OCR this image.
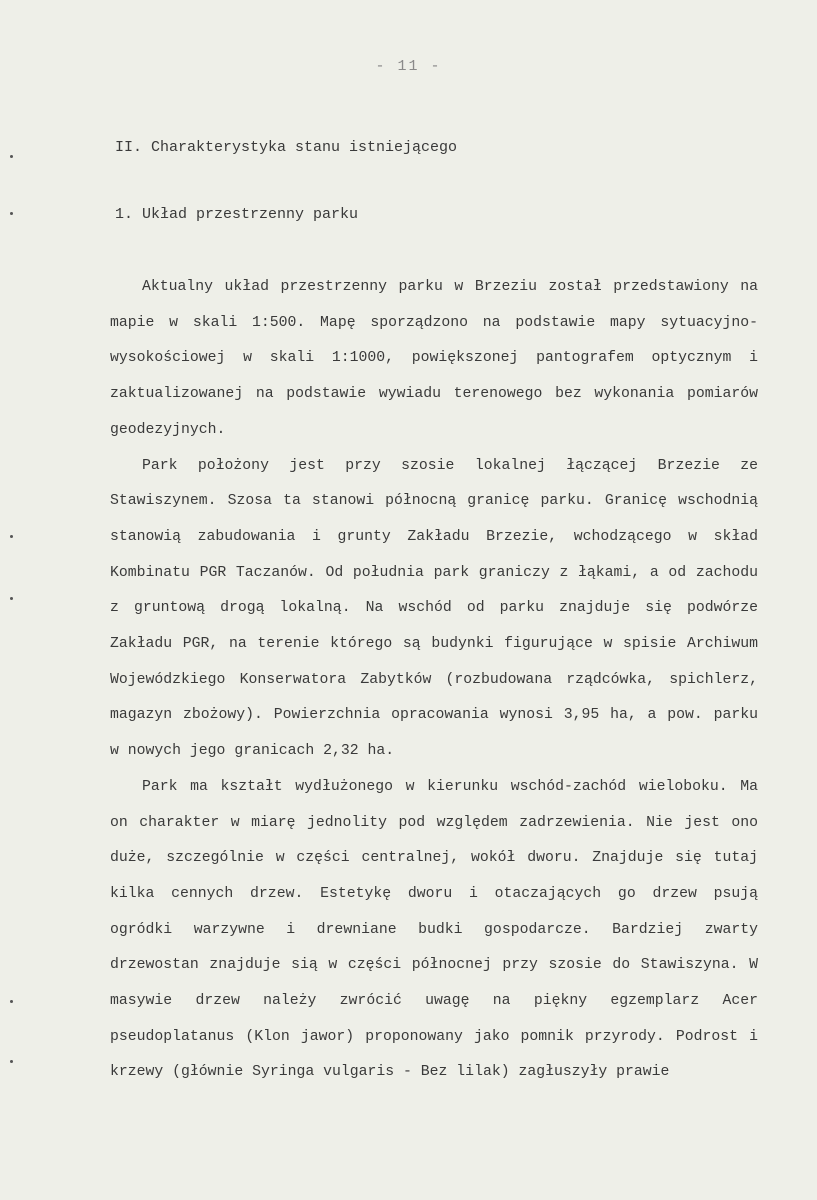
- 11 -
II. Charakterystyka stanu istniejącego
1. Układ przestrzenny parku
Aktualny układ przestrzenny parku w Brzeziu został przedstawiony na
mapie w skali 1:500. Mapę sporządzono na podstawie mapy sytuacyjno-
wysokościowej w skali 1:1000, powiększonej pantografem optycznym i
zaktualizowanej na podstawie wywiadu terenowego bez wykonania pomiarów
geodezyjnych.
Park położony jest przy szosie lokalnej łączącej Brzezie ze
Stawiszynem. Szosa ta stanowi północną granicę parku. Granicę wschodnią
stanowią zabudowania i grunty Zakładu Brzezie, wchodzącego w skład
Kombinatu PGR Taczanów. Od południa park graniczy z łąkami, a od zachodu
z gruntową drogą lokalną. Na wschód od parku znajduje się podwórze
Zakładu PGR, na terenie którego są budynki figurujące w spisie Archiwum
Wojewódzkiego Konserwatora Zabytków (rozbudowana rządcówka, spichlerz,
magazyn zbożowy). Powierzchnia opracowania wynosi 3,95 ha, a pow. parku
w nowych jego granicach 2,32 ha.
Park ma kształt wydłużonego w kierunku wschód-zachód wieloboku. Ma
on charakter w miarę jednolity pod względem zadrzewienia. Nie jest ono
duże, szczególnie w części centralnej, wokół dworu. Znajduje się tutaj
kilka cennych drzew. Estetykę dworu i otaczających go drzew psują
ogródki warzywne i drewniane budki gospodarcze. Bardziej zwarty
drzewostan znajduje sią w części północnej przy szosie do Stawiszyna. W
masywie drzew należy zwrócić uwagę na piękny egzemplarz Acer
pseudoplatanus (Klon jawor) proponowany jako pomnik przyrody. Podrost i
krzewy (głównie Syringa vulgaris - Bez lilak) zagłuszyły prawie
